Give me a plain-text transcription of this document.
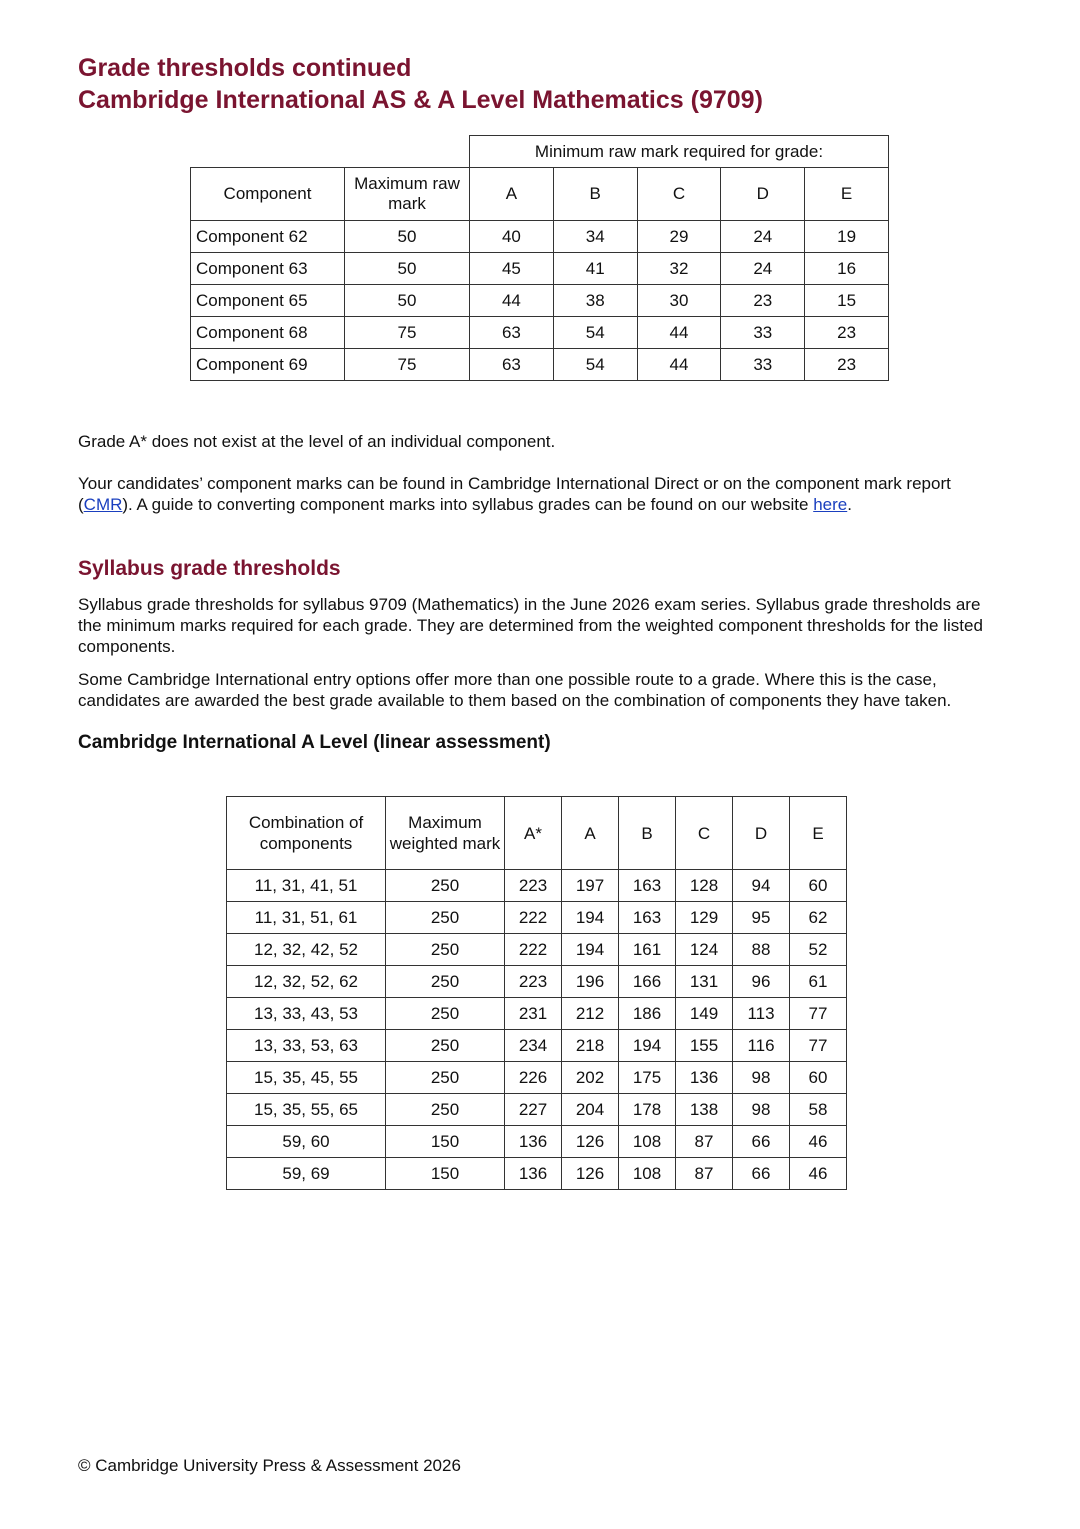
Grade thresholds continued
Cambridge International AS & A Level Mathematics (9709)
		Minimum raw mark required for grade:				
Component	Maximum raw mark	A	B	C	D	E
Component 62	50	40	34	29	24	19
Component 63	50	45	41	32	24	16
Component 65	50	44	38	30	23	15
Component 68	75	63	54	44	33	23
Component 69	75	63	54	44	33	23

Grade A* does not exist at the level of an individual component.

Your candidates’ component marks can be found in Cambridge International Direct or on the component mark report (CMR). A guide to converting component marks into syllabus grades can be found on our website here.

Syllabus grade thresholds

Syllabus grade thresholds for syllabus 9709 (Mathematics) in the June 2026 exam series. Syllabus grade thresholds are the minimum marks required for each grade. They are determined from the weighted component thresholds for the listed components.

Some Cambridge International entry options offer more than one possible route to a grade. Where this is the case, candidates are awarded the best grade available to them based on the combination of components they have taken.

Cambridge International A Level (linear assessment)
Combination of components	Maximum weighted mark	A*	A	B	C	D	E
11, 31, 41, 51	250	223	197	163	128	94	60
11, 31, 51, 61	250	222	194	163	129	95	62
12, 32, 42, 52	250	222	194	161	124	88	52
12, 32, 52, 62	250	223	196	166	131	96	61
13, 33, 43, 53	250	231	212	186	149	113	77
13, 33, 53, 63	250	234	218	194	155	116	77
15, 35, 45, 55	250	226	202	175	136	98	60
15, 35, 55, 65	250	227	204	178	138	98	58
59, 60	150	136	126	108	87	66	46
59, 69	150	136	126	108	87	66	46
© Cambridge University Press & Assessment 2026
